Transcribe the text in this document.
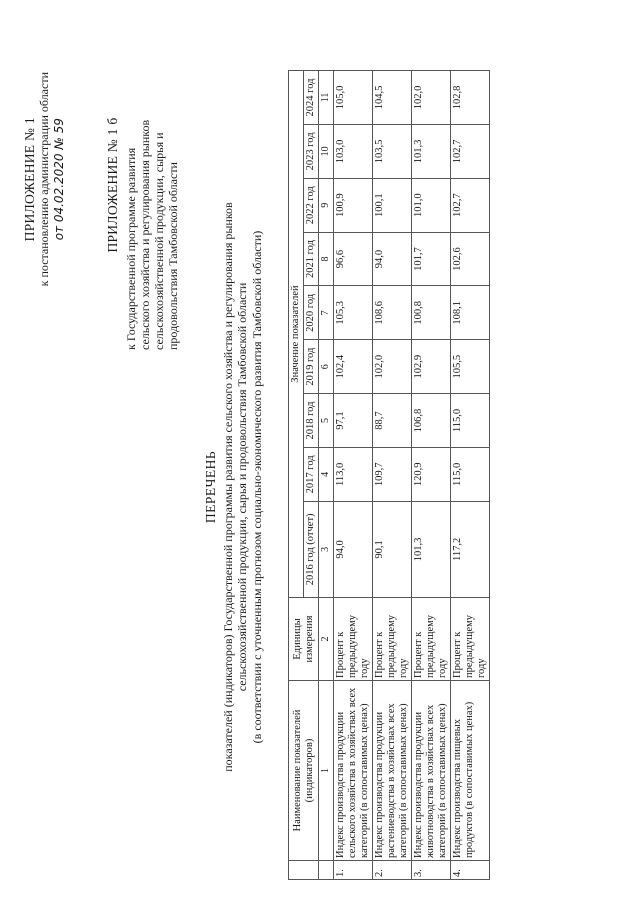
ПРИЛОЖЕНИЕ № 1 к постановлению администрации области от 04.02.2020 № 59	ПРИЛОЖЕНИЕ № 1 б к Государственной программе развития сельского хозяйства и регулирования рынков сельскохозяйственной продукции, сырья и продовольствия Тамбовской области
ПЕРЕЧЕНЬ показателей (индикаторов) Государственной программы развития сельского хозяйства и регулирования рынков сельскохозяйственной продукции, сырья и продовольствия Тамбовской области (в соответствии с уточненным прогнозом социально-экономического развития Тамбовской области)
	Наименование показателей (индикаторов)	Единицы измерения	Значение показателей								
			2016 год (отчет)	2017 год	2018 год	2019 год	2020 год	2021 год	2022 год	2023 год	2024 год
	1	2	3	4	5	6	7	8	9	10	11
1.	Индекс производства продукции сельского хозяйства в хозяйствах всех категорий (в сопоставимых ценах)	Процент к предыдущему году	94,0	113,0	97,1	102,4	105,3	96,6	100,9	103,0	105,0
2.	Индекс производства продукции растениеводства в хозяйствах всех категорий (в сопоставимых ценах)	Процент к предыдущему году	90,1	109,7	88,7	102,0	108,6	94,0	100,1	103,5	104,5
3.	Индекс производства продукции животноводства в хозяйствах всех категорий (в сопоставимых ценах)	Процент к предыдущему году	101,3	120,9	106,8	102,9	100,8	101,7	101,0	101,3	102,0
4.	Индекс производства пищевых продуктов (в сопоставимых ценах)	Процент к предыдущему году	117,2	115,0	115,0	105,5	108,1	102,6	102,7	102,7	102,8
